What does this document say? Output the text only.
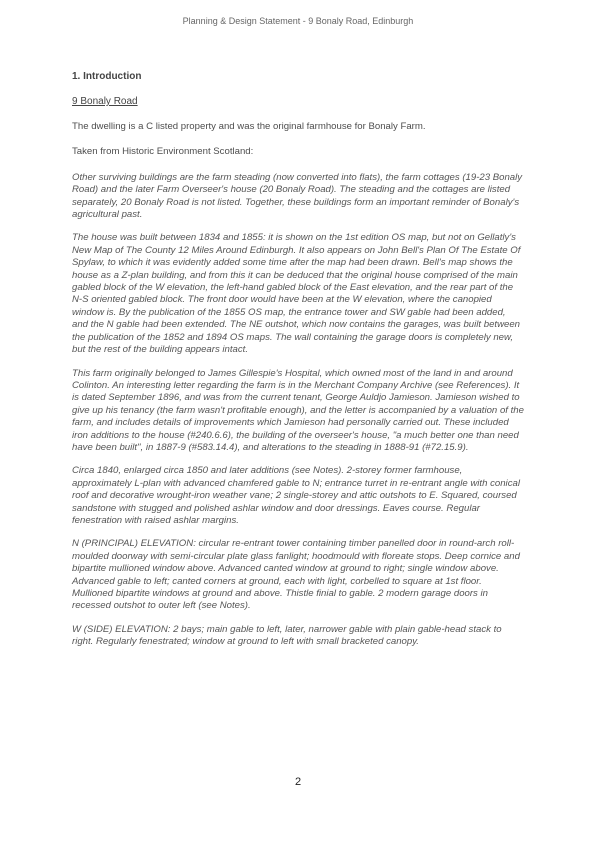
Planning & Design Statement - 9 Bonaly Road, Edinburgh
1. Introduction
9 Bonaly Road

The dwelling is a C listed property and was the original farmhouse for Bonaly Farm.

Taken from Historic Environment Scotland:

Other surviving buildings are the farm steading (now converted into flats), the farm cottages (19-23 Bonaly Road) and the later Farm Overseer's house (20 Bonaly Road). The steading and the cottages are listed separately, 20 Bonaly Road is not listed. Together, these buildings form an important reminder of Bonaly's agricultural past.

The house was built between 1834 and 1855: it is shown on the 1st edition OS map, but not on Gellatly's New Map of The County 12 Miles Around Edinburgh. It also appears on John Bell's Plan Of The Estate Of Spylaw, to which it was evidently added some time after the map had been drawn. Bell's map shows the house as a Z-plan building, and from this it can be deduced that the original house comprised of the main gabled block of the W elevation, the left-hand gabled block of the East elevation, and the rear part of the N-S oriented gabled block. The front door would have been at the W elevation, where the canopied window is. By the publication of the 1855 OS map, the entrance tower and SW gable had been added, and the N gable had been extended. The NE outshot, which now contains the garages, was built between the publication of the 1852 and 1894 OS maps. The wall containing the garage doors is completely new, but the rest of the building appears intact.

This farm originally belonged to James Gillespie's Hospital, which owned most of the land in and around Colinton. An interesting letter regarding the farm is in the Merchant Company Archive (see References). It is dated September 1896, and was from the current tenant, George Auldjo Jamieson. Jamieson wished to give up his tenancy (the farm wasn't profitable enough), and the letter is accompanied by a valuation of the farm, and includes details of improvements which Jamieson had personally carried out. These included iron additions to the house (#240.6.6), the building of the overseer's house, "a much better one than need have been built", in 1887-9 (#583.14.4), and alterations to the steading in 1888-91 (#72.15.9).

Circa 1840, enlarged circa 1850 and later additions (see Notes). 2-storey former farmhouse, approximately L-plan with advanced chamfered gable to N; entrance turret in re-entrant angle with conical roof and decorative wrought-iron weather vane; 2 single-storey and attic outshots to E. Squared, coursed sandstone with stugged and polished ashlar window and door dressings. Eaves course. Regular fenestration with raised ashlar margins.

N (PRINCIPAL) ELEVATION: circular re-entrant tower containing timber panelled door in round-arch roll-moulded doorway with semi-circular plate glass fanlight; hoodmould with floreate stops. Deep cornice and bipartite mullioned window above. Advanced canted window at ground to right; single window above. Advanced gable to left; canted corners at ground, each with light, corbelled to square at 1st floor. Mullioned bipartite windows at ground and above. Thistle finial to gable. 2 modern garage doors in recessed outshot to outer left (see Notes).

W (SIDE) ELEVATION: 2 bays; main gable to left, later, narrower gable with plain gable-head stack to right. Regularly fenestrated; window at ground to left with small bracketed canopy.

2
